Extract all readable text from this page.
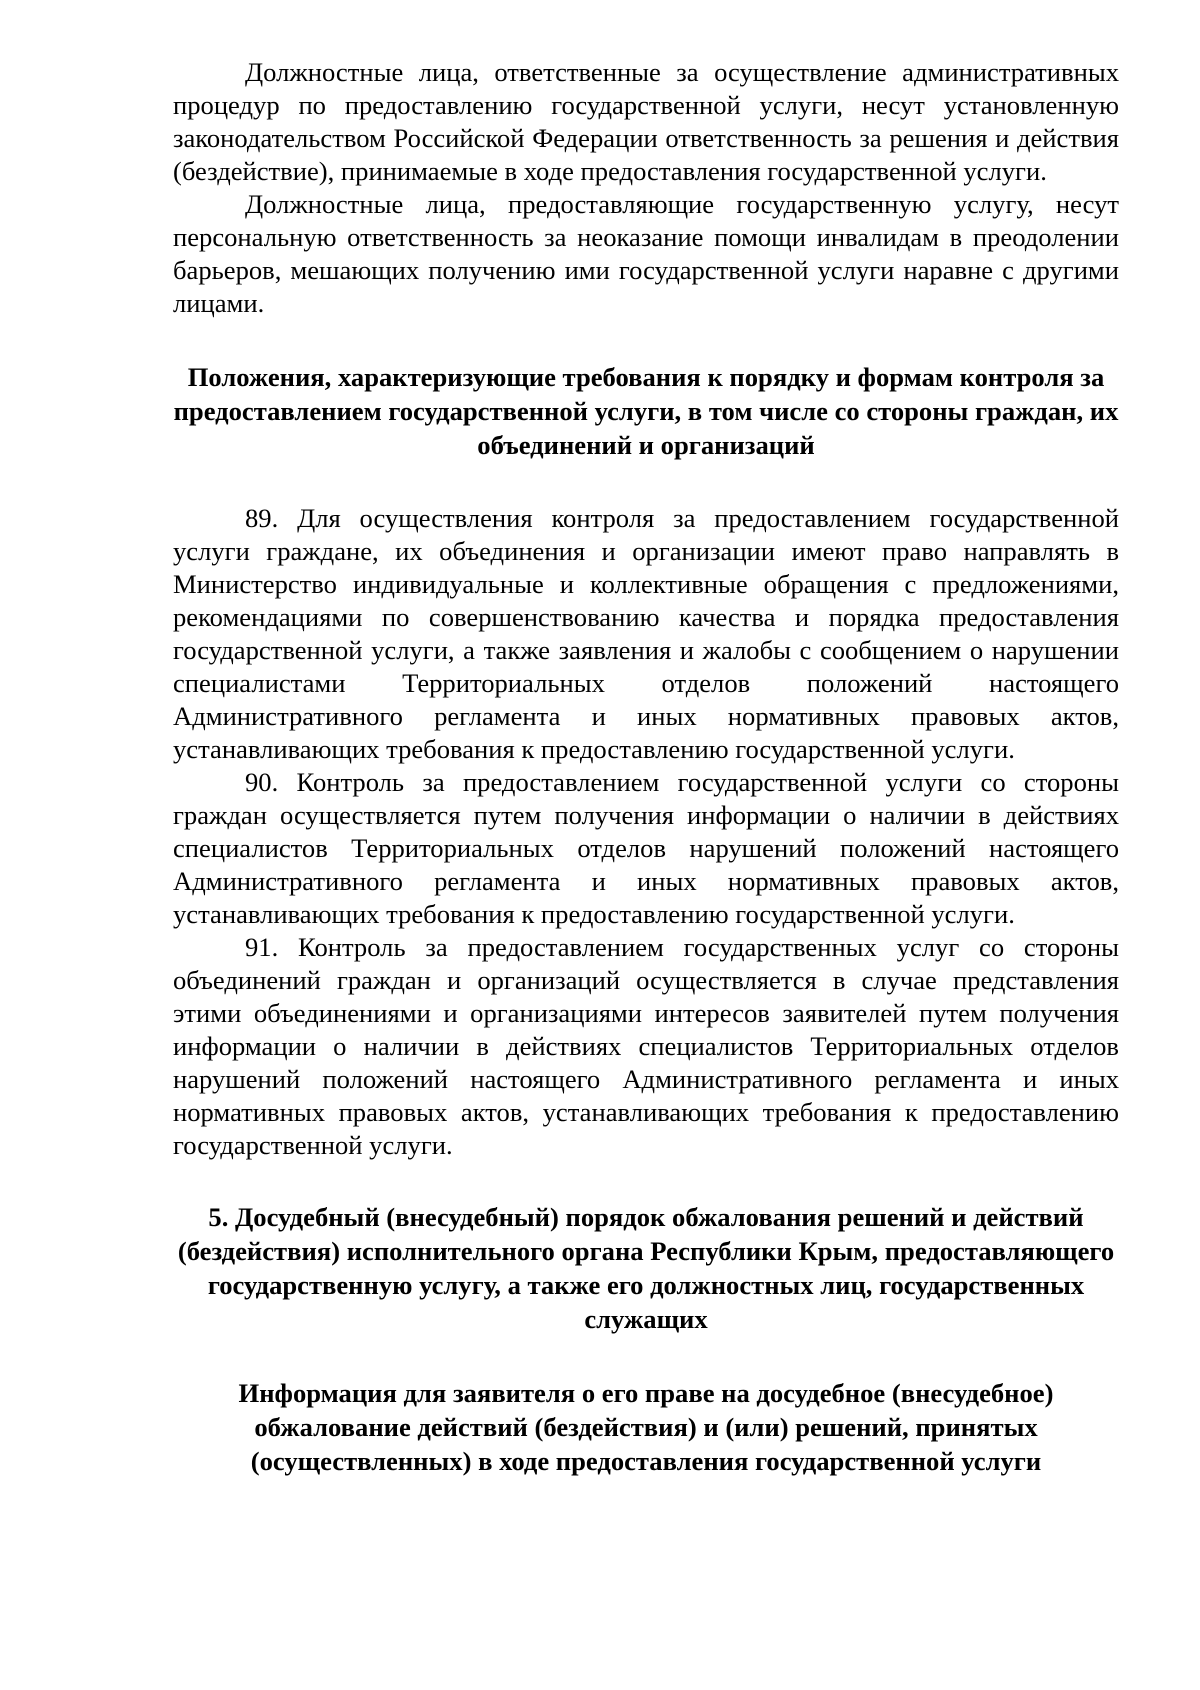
Должностные лица, ответственные за осуществление административных процедур по предоставлению государственной услуги, несут установленную законодательством Российской Федерации ответственность за решения и действия (бездействие), принимаемые в ходе предоставления государственной услуги.

Должностные лица, предоставляющие государственную услугу, несут персональную ответственность за неоказание помощи инвалидам в преодолении барьеров, мешающих получению ими государственной услуги наравне с другими лицами.

Положения, характеризующие требования к порядку и формам контроля за предоставлением государственной услуги, в том числе со стороны граждан, их объединений и организаций

89. Для осуществления контроля за предоставлением государственной услуги граждане, их объединения и организации имеют право направлять в Министерство индивидуальные и коллективные обращения с предложениями, рекомендациями по совершенствованию качества и порядка предоставления государственной услуги, а также заявления и жалобы с сообщением о нарушении специалистами Территориальных отделов положений настоящего Административного регламента и иных нормативных правовых актов, устанавливающих требования к предоставлению государственной услуги.

90. Контроль за предоставлением государственной услуги со стороны граждан осуществляется путем получения информации о наличии в действиях специалистов Территориальных отделов нарушений положений настоящего Административного регламента и иных нормативных правовых актов, устанавливающих требования к предоставлению государственной услуги.

91. Контроль за предоставлением государственных услуг со стороны объединений граждан и организаций осуществляется в случае представления этими объединениями и организациями интересов заявителей путем получения информации о наличии в действиях специалистов Территориальных отделов нарушений положений настоящего Административного регламента и иных нормативных правовых актов, устанавливающих требования к предоставлению государственной услуги.

5. Досудебный (внесудебный) порядок обжалования решений и действий (бездействия) исполнительного органа Республики Крым, предоставляющего государственную услугу, а также его должностных лиц, государственных служащих
Информация для заявителя о его праве на досудебное (внесудебное) обжалование действий (бездействия) и (или) решений, принятых (осуществленных) в ходе предоставления государственной услуги
